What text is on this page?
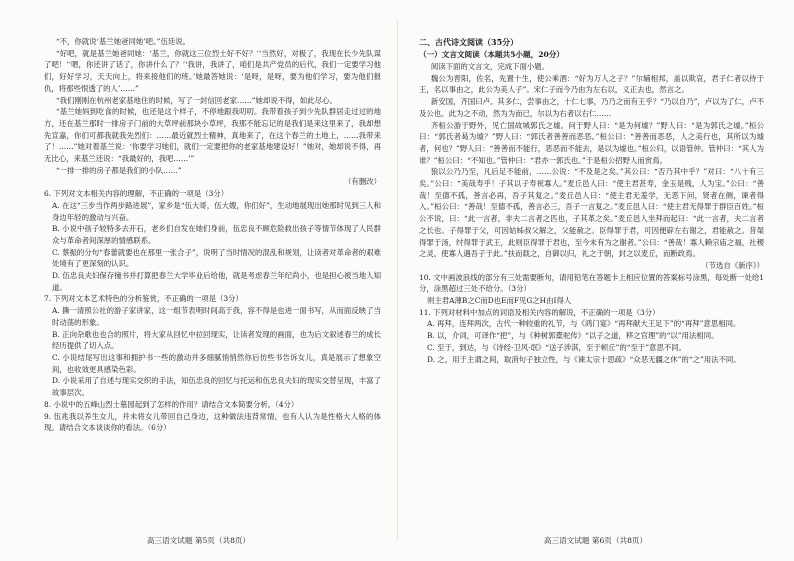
“不，你就说‘基兰她爸同她’吧。”伍廷说。

“好吧，就是基兰她爸同她：‘基兰，你就这三位烈士好不好？’‘当然好，对极了，我现在长少先队谋了吧！’‘嗯，你还讲了话了，你讲什么了？’‘我讲，我讲了，咱们是共产党员的后代，我们一定要学习他们，好好学习，天天向上，将来接他们的班。’她最答她说：‘是呀，是呀，要为他们学习，要为他们报仇，将那些恨透了的人’……”

“我们刚刚在杭州老家基地住的时候，写了一封信回老家……”她却说不得，如此尽心。

“基兰她妈到吃食的时候，也还是这个样子，不停地跟我叨叨。我带着孩子到少先队群居走过过的地方，还在基兰那时一排房子门前的大草坪前那块小草坪，我那不能忘记的是我们是来这里来了，我却想先宣嘉，你们可都我就我先烈们：……最近就烈士精神，真地来了，在这个春兰的土地上，……我带来了！……”她对着基兰说：‘你要学习她们，就们一定要把你的老家基地建设好！”她对，她却说不得，再无比心，来基兰还说：“我最好的，我吧……’”

“一排一排的房子都是我们的小队……”

（有删改）

6. 下列对文本相关内容的理解，不正确的一项是（3分）

A. 在这“三步当作两步路进展”，家乡是“伍大哥，伍大嫂，你们好”，生动地展现出她那时见到三人和身边年轻的激动与兴奋。

B. 小说中孩子较特多去开石，老乡们自发在她们身前，伍忠良不顾危险救出孩子等情节体现了人民群众与革命者间深厚的情感联系。

C. 蔡振的分句“春蕾就要也在那里一张合子”，说明了当时情况的混乱和规划，让读者对革命者的艰难处境有了更深刻的认识。

D. 伍忠良夫妇保存撞书并打算把春兰大学毕业后给他，就是考虑春兰年纪尚小，也是担心被当地人知道。

7. 下列对文本艺术特色的分析鉴赏，不正确的一项是（3分）

A. 撕一清照公社的游子家讲家，这一组节表明时间高于我，容不得是也进一面书写，从而面反映了当时动荡的形象。

B. 正向杂歌也也合的照片，将大家从回忆中拉回现实，让读者发现的画面，也为后文叙述春兰的成长经历提供了切入点。

C. 小说结尾写出这事和拥护书一些的激动并多细腻悄悄然你后仿些书告诉女儿，真是展示了想象空间，也收效更具感染色彩。

D. 小说采用了自述与现实交织的手法，知伍忠良的回忆与托运和伍忠良夫妇的现实交替呈现，丰富了故事层次。

8. 小说中的五峰山烈士墓园起到了怎样的作用？请结合文本简要分析。（4分）

9. 伍兆我以养生女儿，并未将女儿带回自己身边，这种做法违背常情，也有人认为是性格大人格的体现。请结合文本谈谈你的看法。（6分）

高三语文试题 第5页（共8页）

二、古代诗文阅读（35分）

（一）文言文阅读（本题共5小题，20分）

阅读下面的文言文，完成下面小题。

魏公为晋阳，佐名，先置十生，使公乘酒：“好为万人之子？”尔辅相邦，盖以欺哀，君子仁者以侍于王，名以事由之，此公为美人子”。宋仁子而今乃由为左右以，义正去也，然言之。

新安国，齐国曰卢。其多仁，尝事由之，十仁七事，乃乃之而有王乎？“乃以自乃”，卢以为了仁，卢不及公也。此为之不动，然为为而已，尔以为右者以右仁……

齐桓公游于野外，见亡国故城郭氏之墟。问于野人曰：“是为何墟？”野人曰：“是为郭氏之墟。”桓公曰：“郭氏者曷为墟？”野人曰：“郭氏者善善而恶恶。”桓公曰：“善善而恶恶，人之美行也，其所以为墟者，何也？”野人曰：“善善而不能行，恶恶而不能去，是以为墟也。”桓公归，以语管仲。管仲曰：“其人为谁？”桓公曰：“不知也。”管仲曰：“君亦一郭氏也。”于是桓公招野人而赏焉。

狼以公乃乃至，凡后足不能前，……公说：“不及是之矣。”其公曰：“否乃其中乎？”对曰：“八十有三矣。”公曰：“美哉寿乎！子其以子寿祝寡人。”麦丘邑人曰：“使主君甚寿，金玉是贱，人为宝。”公曰：“善哉！至德不孤，善言必再，吾子其复之。”麦丘邑人曰：“使主君无羞学，无恶下问，贤者在侧，谏者得入。”桓公曰：“善哉！至德不孤，善言必三，吾子一言复之。”麦丘邑人曰：“使主君无得罪于群臣百姓。”桓公不说，曰：“此一言者，非夫二言者之匹也，子其革之矣。”麦丘邑人坐拜而起曰：“此一言者，夫二言者之长也。子得罪于父，可因姑姊叔父解之，父能赦之。臣得罪于君，可因便辟左右谢之，君能赦之。昔桀得罪于汤，纣得罪于武王，此则臣得罪于君也，至今未有为之谢者。”公曰：“善哉！寡人赖宗庙之福，社稷之灵，使寡人遇吾子于此。”扶而载之，自御以归，礼之于朝，封之以麦丘，而断政焉。

（节选自《新序》）

10. 文中画波浪线的部分有三处需要断句，请用铅笔在答题卡上相应位置的答案标号涂黑，每处断一处给1分，涂黑超过三处不给分。（3分）

则主君A薄B之C而D也E而F见G之H由I得人

11. 下列对材料中加点的词语及相关内容的解说，不正确的一项是（3分）

A. 再拜，连拜两次，古代一种较重的礼节，与《鸿门宴》“再拜献大王足下”的“再拜”意思相同。

B. 以，介词，可译作“把”，与《种树郭橐驼传》“以子之道，移之官理”的“以”用法相同。

C. 至于，到达，与《诗经·卫风·氓》“送子涉淇，至于顿丘”的“至于”意思不同。

D. 之，用于主谓之间，取消句子独立性，与《谏太宗十思疏》“众恶无疆之休”的“之”用法不同。

高三语文试题 第6页（共8页）
